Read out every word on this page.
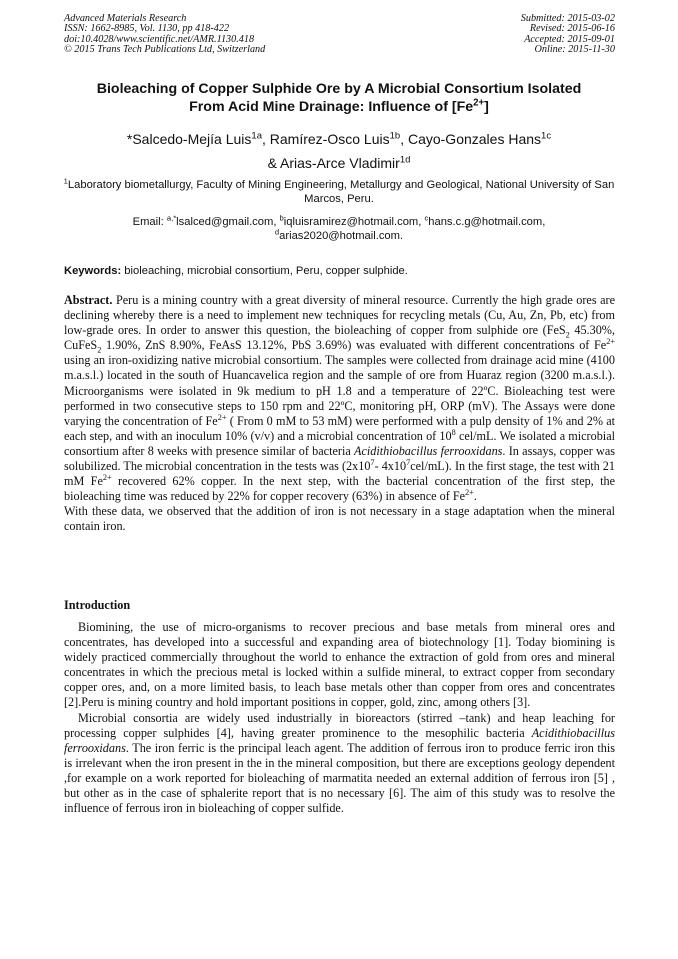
Advanced Materials Research
ISSN: 1662-8985, Vol. 1130, pp 418-422
doi:10.4028/www.scientific.net/AMR.1130.418
© 2015 Trans Tech Publications Ltd, Switzerland
Submitted: 2015-03-02
Revised: 2015-06-16
Accepted: 2015-09-01
Online: 2015-11-30
Bioleaching of Copper Sulphide Ore by A Microbial Consortium Isolated
From Acid Mine Drainage: Influence of $[Fe^{2+}]$
*Salcedo-Mejía Luis$^{1a}$, Ramírez-Osco Luis$^{1b}$, Cayo-Gonzales Hans$^{1c}$
& Arias-Arce Vladimir$^{1d}$
$^1$Laboratory biometallurgy, Faculty of Mining Engineering, Metallurgy and Geological, National University of San Marcos, Peru.
Email: $^{a,*}$lsalced@gmail.com, $^b$iqluisramirez@hotmail.com, $^c$hans.c.g@hotmail.com,
$^d$arias2020@hotmail.com.
Keywords: bioleaching, microbial consortium, Peru, copper sulphide.

Abstract. Peru is a mining country with a great diversity of mineral resource. Currently the high grade ores are declining whereby there is a need to implement new techniques for recycling metals (Cu, Au, Zn, Pb, etc) from low-grade ores. In order to answer this question, the bioleaching of copper from sulphide ore (FeS$_2$ 45.30%, CuFeS$_2$ 1.90%, ZnS 8.90%, FeAsS 13.12%, PbS 3.69%) was evaluated with different concentrations of $Fe^{2+}$ using an iron-oxidizing native microbial consortium. The samples were collected from drainage acid mine (4100 m.a.s.l.) located in the south of Huancavelica region and the sample of ore from Huaraz region (3200 m.a.s.l.). Microorganisms were isolated in 9k medium to pH 1.8 and a temperature of 22ºC. Bioleaching test were performed in two consecutive steps to 150 rpm and 22ºC, monitoring pH, ORP (mV). The Assays were done varying the concentration of $Fe^{2+}$ ( From 0 mM to 53 mM) were performed with a pulp density of 1% and 2% at each step, and with an inoculum 10% (v/v) and a microbial concentration of $10^8$ cel/mL. We isolated a microbial consortium after 8 weeks with presence similar of bacteria Acidithiobacillus ferrooxidans. In assays, copper was solubilized. The microbial concentration in the tests was ($2x10^7-$ $4x10^7cel/mL$). In the first stage, the test with 21 mM $Fe^{2+}$ recovered 62% copper. In the next step, with the bacterial concentration of the first step, the bioleaching time was reduced by 22% for copper recovery (63%) in absence of $Fe^{2+}$.

With these data, we observed that the addition of iron is not necessary in a stage adaptation when the mineral contain iron.

Introduction

Biomining, the use of micro-organisms to recover precious and base metals from mineral ores and concentrates, has developed into a successful and expanding area of biotechnology [1]. Today biomining is widely practiced commercially throughout the world to enhance the extraction of gold from ores and mineral concentrates in which the precious metal is locked within a sulfide mineral, to extract copper from secondary copper ores, and, on a more limited basis, to leach base metals other than copper from ores and concentrates [2].Peru is mining country and hold important positions in copper, gold, zinc, among others [3].

Microbial consortia are widely used industrially in bioreactors (stirred –tank) and heap leaching for processing copper sulphides [4], having greater prominence to the mesophilic bacteria Acidithiobacillus ferrooxidans. The iron ferric is the principal leach agent. The addition of ferrous iron to produce ferric iron this is irrelevant when the iron present in the in the mineral composition, but there are exceptions geology dependent ,for example on a work reported for bioleaching of marmatita needed an external addition of ferrous iron [5] , but other as in the case of sphalerite report that is no necessary [6]. The aim of this study was to resolve the influence of ferrous iron in bioleaching of copper sulfide.
